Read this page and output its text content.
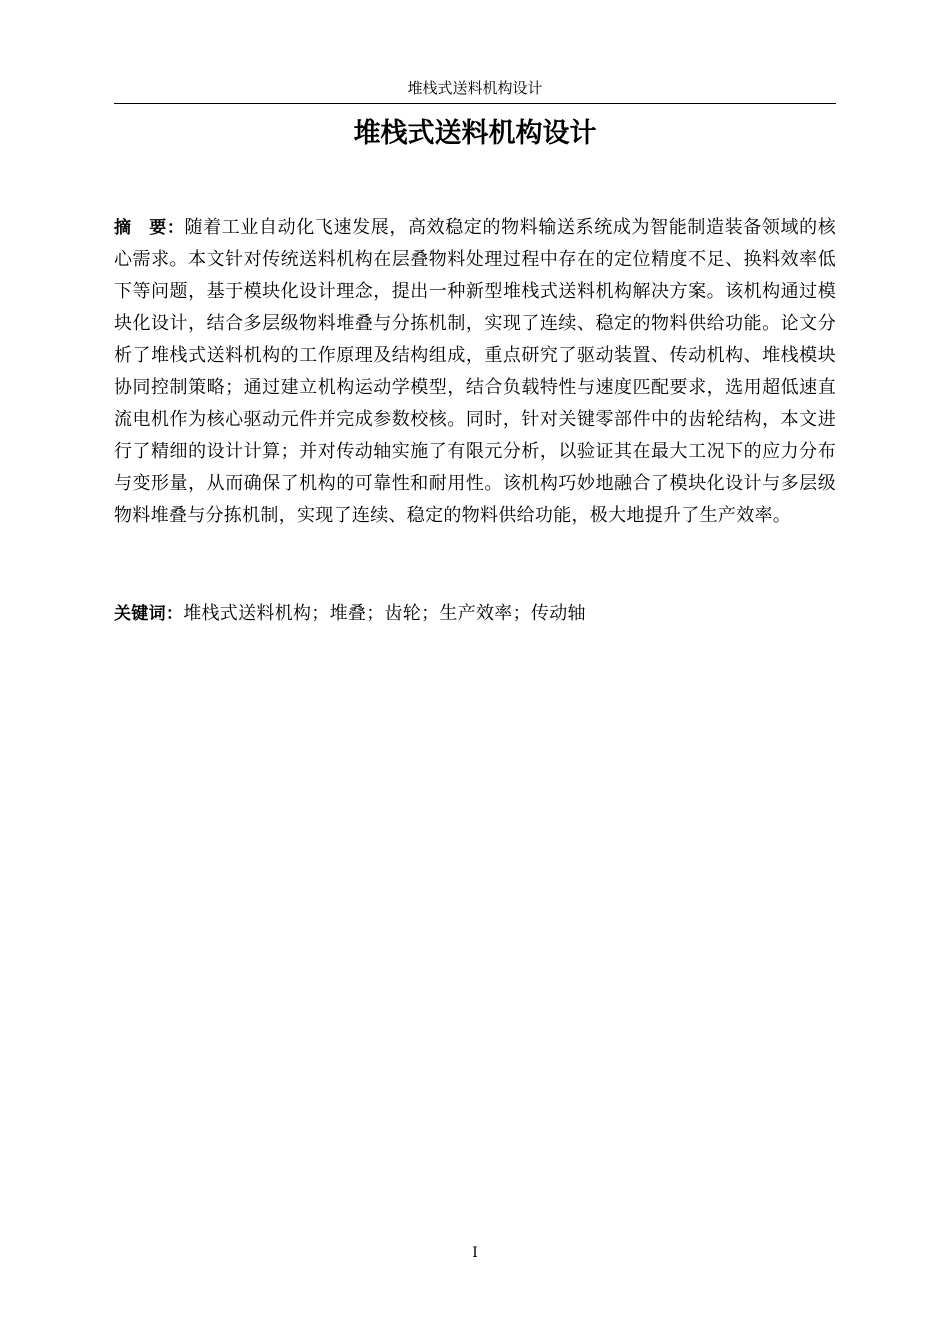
堆栈式送料机构设计
堆栈式送料机构设计

摘　要：随着工业自动化飞速发展，高效稳定的物料输送系统成为智能制造装备领域的核心需求。本文针对传统送料机构在层叠物料处理过程中存在的定位精度不足、换料效率低下等问题，基于模块化设计理念，提出一种新型堆栈式送料机构解决方案。该机构通过模块化设计，结合多层级物料堆叠与分拣机制，实现了连续、稳定的物料供给功能。论文分析了堆栈式送料机构的工作原理及结构组成，重点研究了驱动装置、传动机构、堆栈模块协同控制策略；通过建立机构运动学模型，结合负载特性与速度匹配要求，选用超低速直流电机作为核心驱动元件并完成参数校核。同时，针对关键零部件中的齿轮结构，本文进行了精细的设计计算；并对传动轴实施了有限元分析，以验证其在最大工况下的应力分布与变形量，从而确保了机构的可靠性和耐用性。该机构巧妙地融合了模块化设计与多层级物料堆叠与分拣机制，实现了连续、稳定的物料供给功能，极大地提升了生产效率。

关键词：堆栈式送料机构；堆叠；齿轮；生产效率；传动轴

I
